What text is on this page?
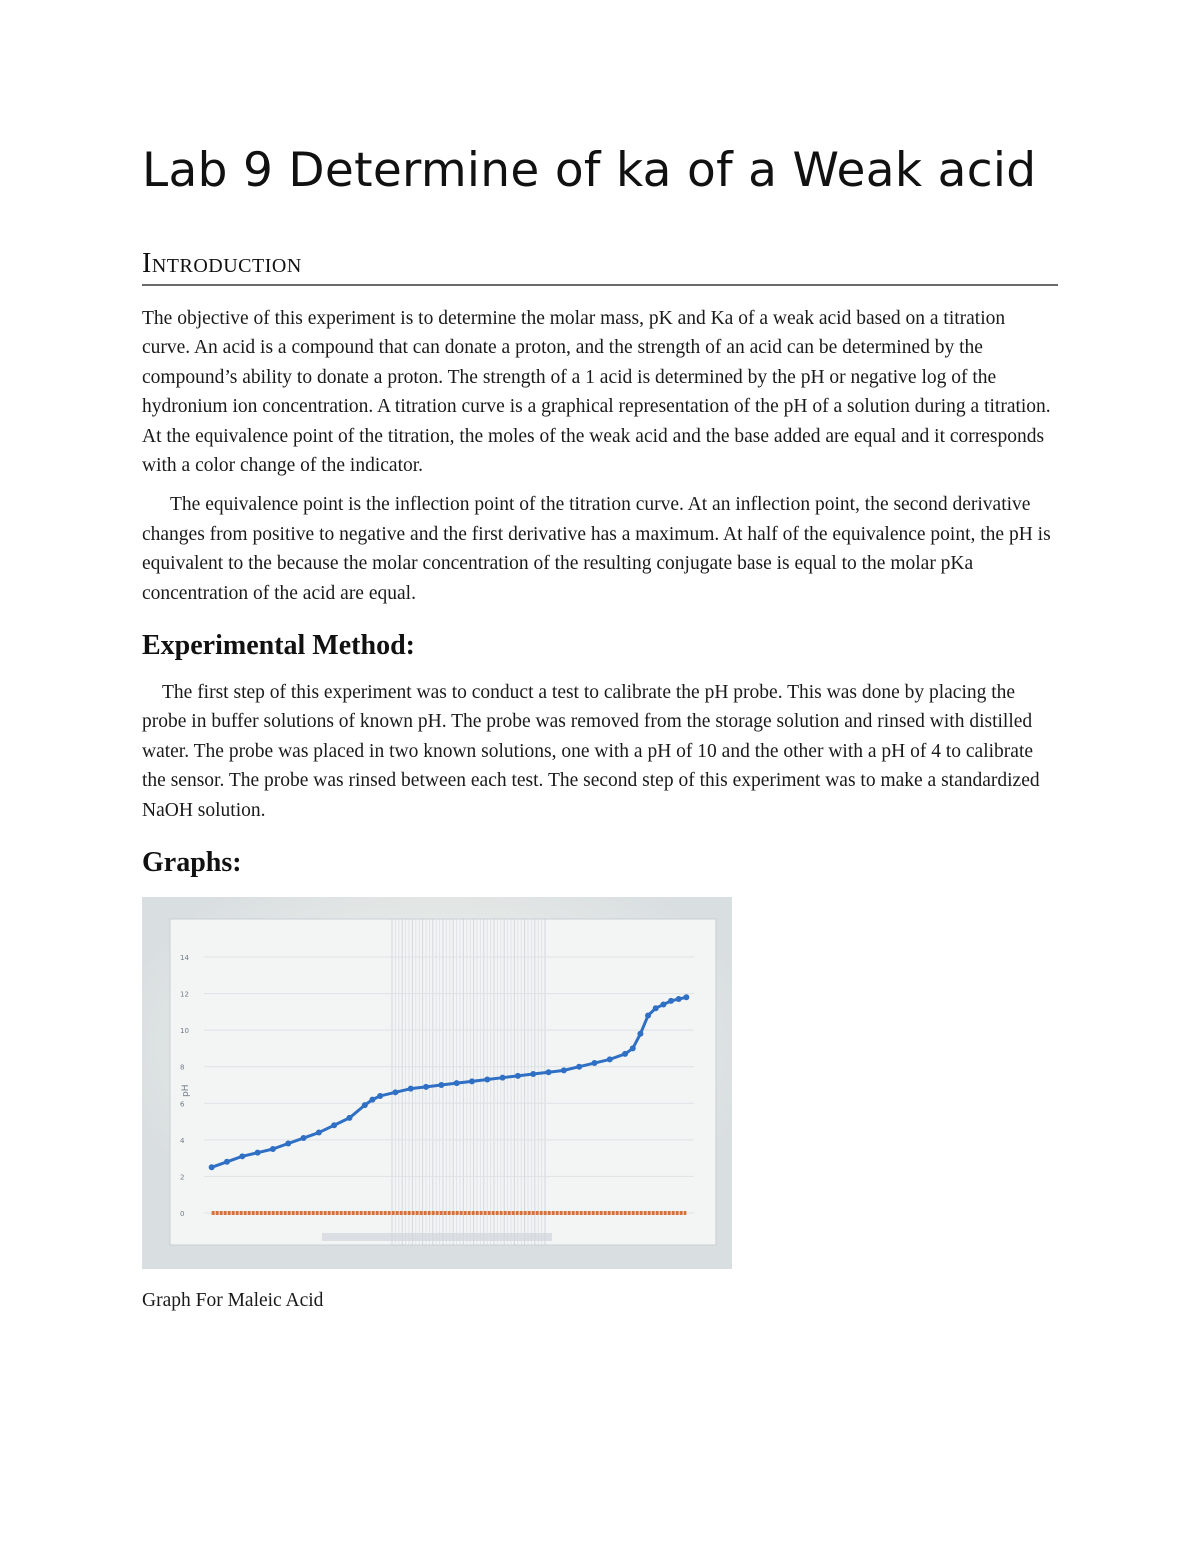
Lab 9 Determine of ka of a Weak acid
Introduction

The objective of this experiment is to determine the molar mass, pK and Ka of a weak acid based on a titration curve. An acid is a compound that can donate a proton, and the strength of an acid can be determined by the compound’s ability to donate a proton. The strength of a 1 acid is determined by the pH or negative log of the hydronium ion concentration. A titration curve is a graphical representation of the pH of a solution during a titration. At the equivalence point of the titration, the moles of the weak acid and the base added are equal and it corresponds with a color change of the indicator.

The equivalence point is the inflection point of the titration curve. At an inflection point, the second derivative changes from positive to negative and the first derivative has a maximum. At half of the equivalence point, the pH is equivalent to the because the molar concentration of the resulting conjugate base is equal to the molar pKa concentration of the acid are equal.

Experimental Method:

The first step of this experiment was to conduct a test to calibrate the pH probe. This was done by placing the probe in buffer solutions of known pH. The probe was removed from the storage solution and rinsed with distilled water. The probe was placed in two known solutions, one with a pH of 10 and the other with a pH of 4 to calibrate the sensor. The probe was rinsed between each test. The second step of this experiment was to make a standardized NaOH solution.

Graphs:
14
12
10
8
6
4
2
0
pH
Graph For Maleic Acid
